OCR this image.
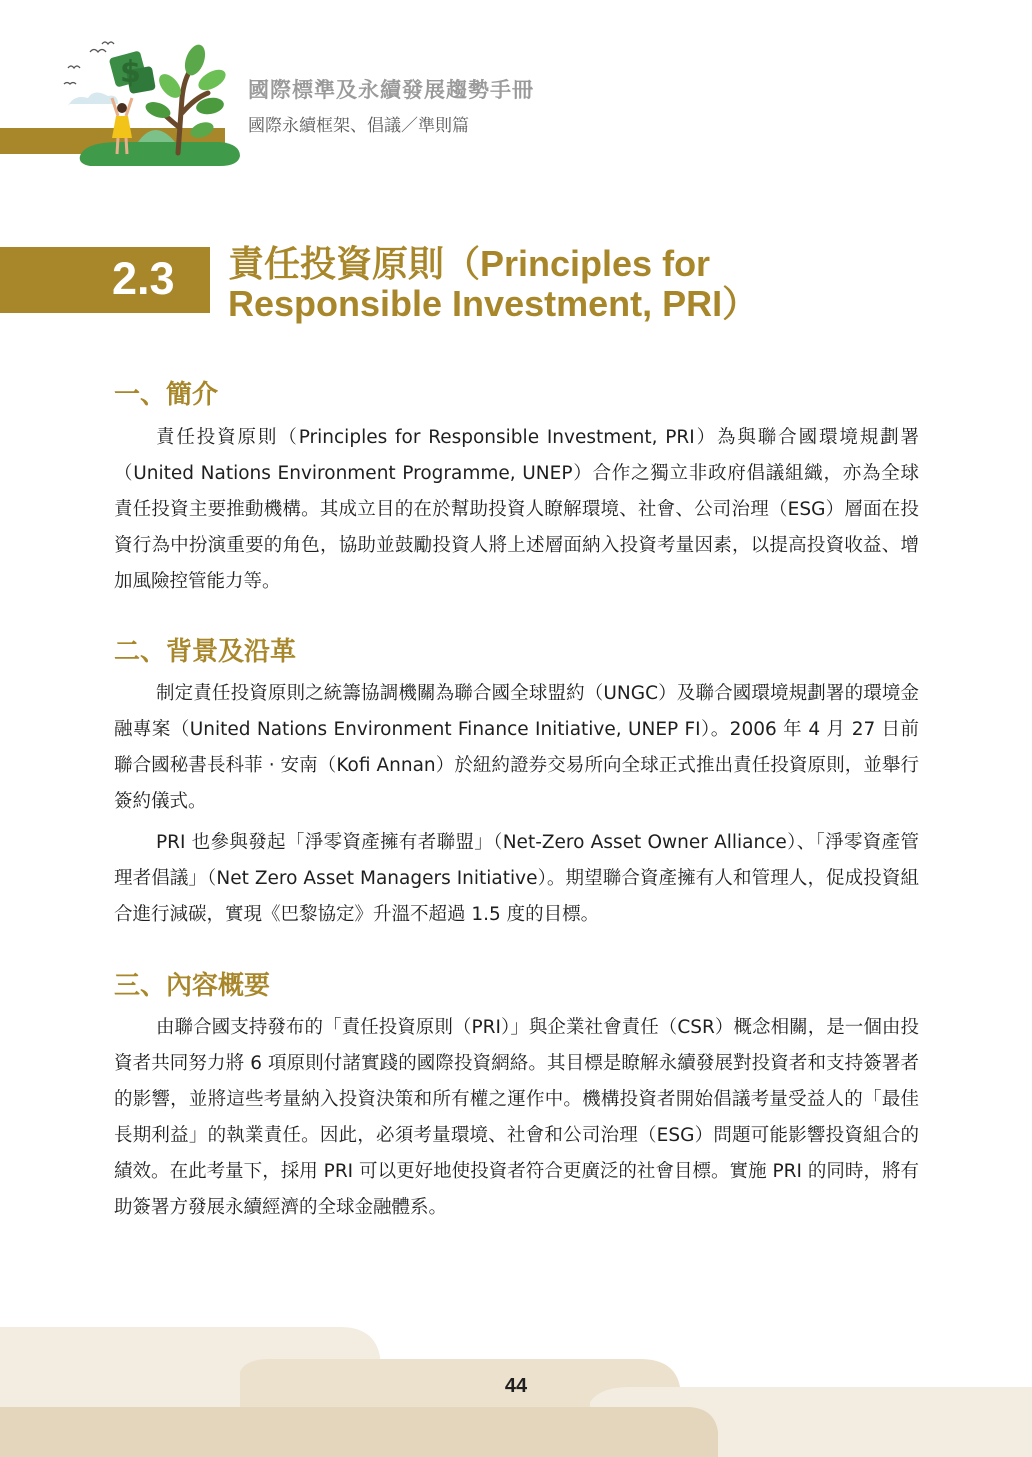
$	國際標準及永續發展趨勢手冊
國際永續框架、倡議／準則篇
2.3 責任投資原則（Principles for
Responsible Investment, PRI）
一、簡介

責任投資原則（Principles for Responsible Investment, PRI）為與聯合國環境規劃署（United Nations Environment Programme, UNEP）合作之獨立非政府倡議組織，亦為全球責任投資主要推動機構。其成立目的在於幫助投資人瞭解環境、社會、公司治理（ESG）層面在投資行為中扮演重要的角色，協助並鼓勵投資人將上述層面納入投資考量因素，以提高投資收益、增加風險控管能力等。

二、背景及沿革

制定責任投資原則之統籌協調機關為聯合國全球盟約（UNGC）及聯合國環境規劃署的環境金融專案（United Nations Environment Finance Initiative, UNEP FI）。2006 年 4 月 27 日前聯合國秘書長科菲 ‧ 安南（Kofi Annan）於紐約證券交易所向全球正式推出責任投資原則，並舉行簽約儀式。

PRI 也參與發起「淨零資產擁有者聯盟」（Net-Zero Asset Owner Alliance）、「淨零資產管理者倡議」（Net Zero Asset Managers Initiative）。期望聯合資產擁有人和管理人，促成投資組合進行減碳，實現《巴黎協定》升溫不超過 1.5 度的目標。

三、內容概要

由聯合國支持發布的「責任投資原則（PRI）」與企業社會責任（CSR）概念相關，是一個由投資者共同努力將 6 項原則付諸實踐的國際投資網絡。其目標是瞭解永續發展對投資者和支持簽署者的影響，並將這些考量納入投資決策和所有權之運作中。機構投資者開始倡議考量受益人的「最佳長期利益」的執業責任。因此，必須考量環境、社會和公司治理（ESG）問題可能影響投資組合的績效。在此考量下，採用 PRI 可以更好地使投資者符合更廣泛的社會目標。實施 PRI 的同時，將有助簽署方發展永續經濟的全球金融體系。

44
